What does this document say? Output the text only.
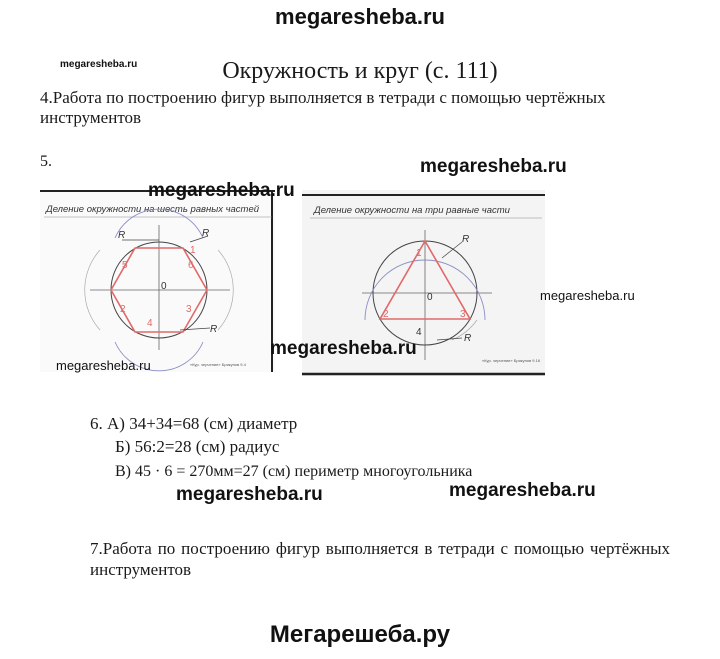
megaresheba.ru
megaresheba.ru	Окружность и круг (с. 111)
4.Работа по построению фигур выполняется в тетради с помощью чертёжных инструментов
5.	megaresheba.ru
Деление окружности на шесть равных частей
R	R
R
1
2	3
4
5	6
0
«Кур. черчение» Брикунов 9.4
Деление окружности на три равные части
R
R
1
2	3
4
0
«Кур. черчение» Брикунов 9.16
megaresheba.ru
megaresheba.ru
megaresheba.ru
megaresheba.ru
6. А) 34+34=68 (см) диаметр
Б) 56:2=28 (см) радиус
В) 45 · 6 = 270мм=27 (см) периметр многоугольника
megaresheba.ru	megaresheba.ru
7.Работа по построению фигур выполняется в тетради с помощью чертёжных инструментов
Мегарешеба.ру
